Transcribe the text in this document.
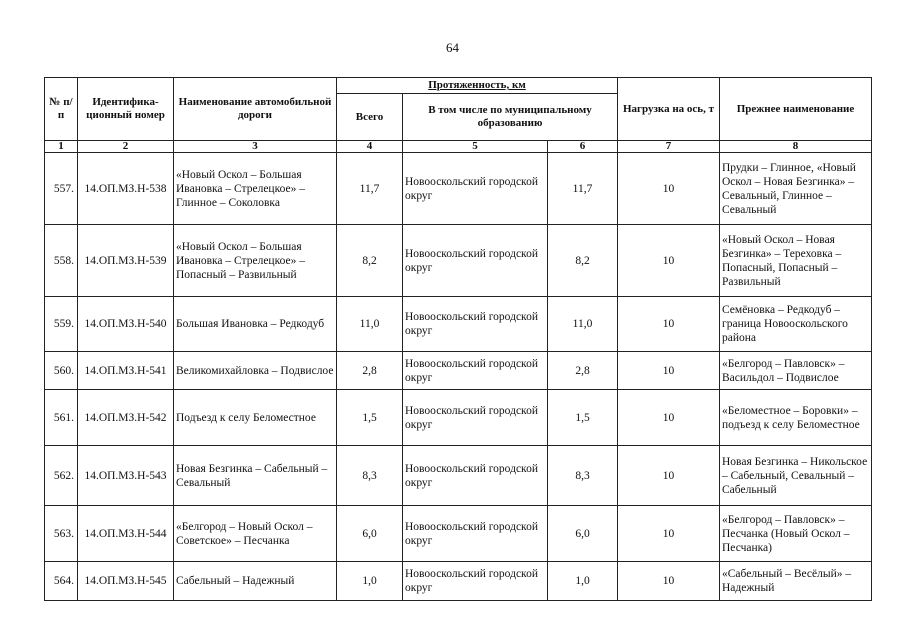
64
№ п/п	Идентифика-ционный номер	Наименование автомобильной дороги	Протяженность, км			Нагрузка на ось, т	Прежнее наименование
			Всего	В том числе по муниципальному образованию			
1	2	3	4	5	6	7	8
557.	14.ОП.МЗ.Н-538	«Новый Оскол – Большая Ивановка – Стрелецкое» – Глинное – Соколовка	11,7	Новооскольский городской округ	11,7	10	Прудки – Глинное, «Новый Оскол – Новая Безгинка» – Севальный, Глинное – Севальный
558.	14.ОП.МЗ.Н-539	«Новый Оскол – Большая Ивановка – Стрелецкое» – Попасный – Развильный	8,2	Новооскольский городской округ	8,2	10	«Новый Оскол – Новая Безгинка» – Тереховка – Попасный, Попасный – Развильный
559.	14.ОП.МЗ.Н-540	Большая Ивановка – Редкодуб	11,0	Новооскольский городской округ	11,0	10	Семёновка – Редкодуб – граница Новооскольского района
560.	14.ОП.МЗ.Н-541	Великомихайловка – Подвислое	2,8	Новооскольский городской округ	2,8	10	«Белгород – Павловск» – Васильдол – Подвислое
561.	14.ОП.МЗ.Н-542	Подъезд к селу Беломестное	1,5	Новооскольский городской округ	1,5	10	«Беломестное – Боровки» – подъезд к селу Беломестное
562.	14.ОП.МЗ.Н-543	Новая Безгинка – Сабельный – Севальный	8,3	Новооскольский городской округ	8,3	10	Новая Безгинка – Никольское – Сабельный, Севальный – Сабельный
563.	14.ОП.МЗ.Н-544	«Белгород – Новый Оскол – Советское» – Песчанка	6,0	Новооскольский городской округ	6,0	10	«Белгород – Павловск» – Песчанка (Новый Оскол – Песчанка)
564.	14.ОП.МЗ.Н-545	Сабельный – Надежный	1,0	Новооскольский городской округ	1,0	10	«Сабельный – Весёлый» – Надежный
